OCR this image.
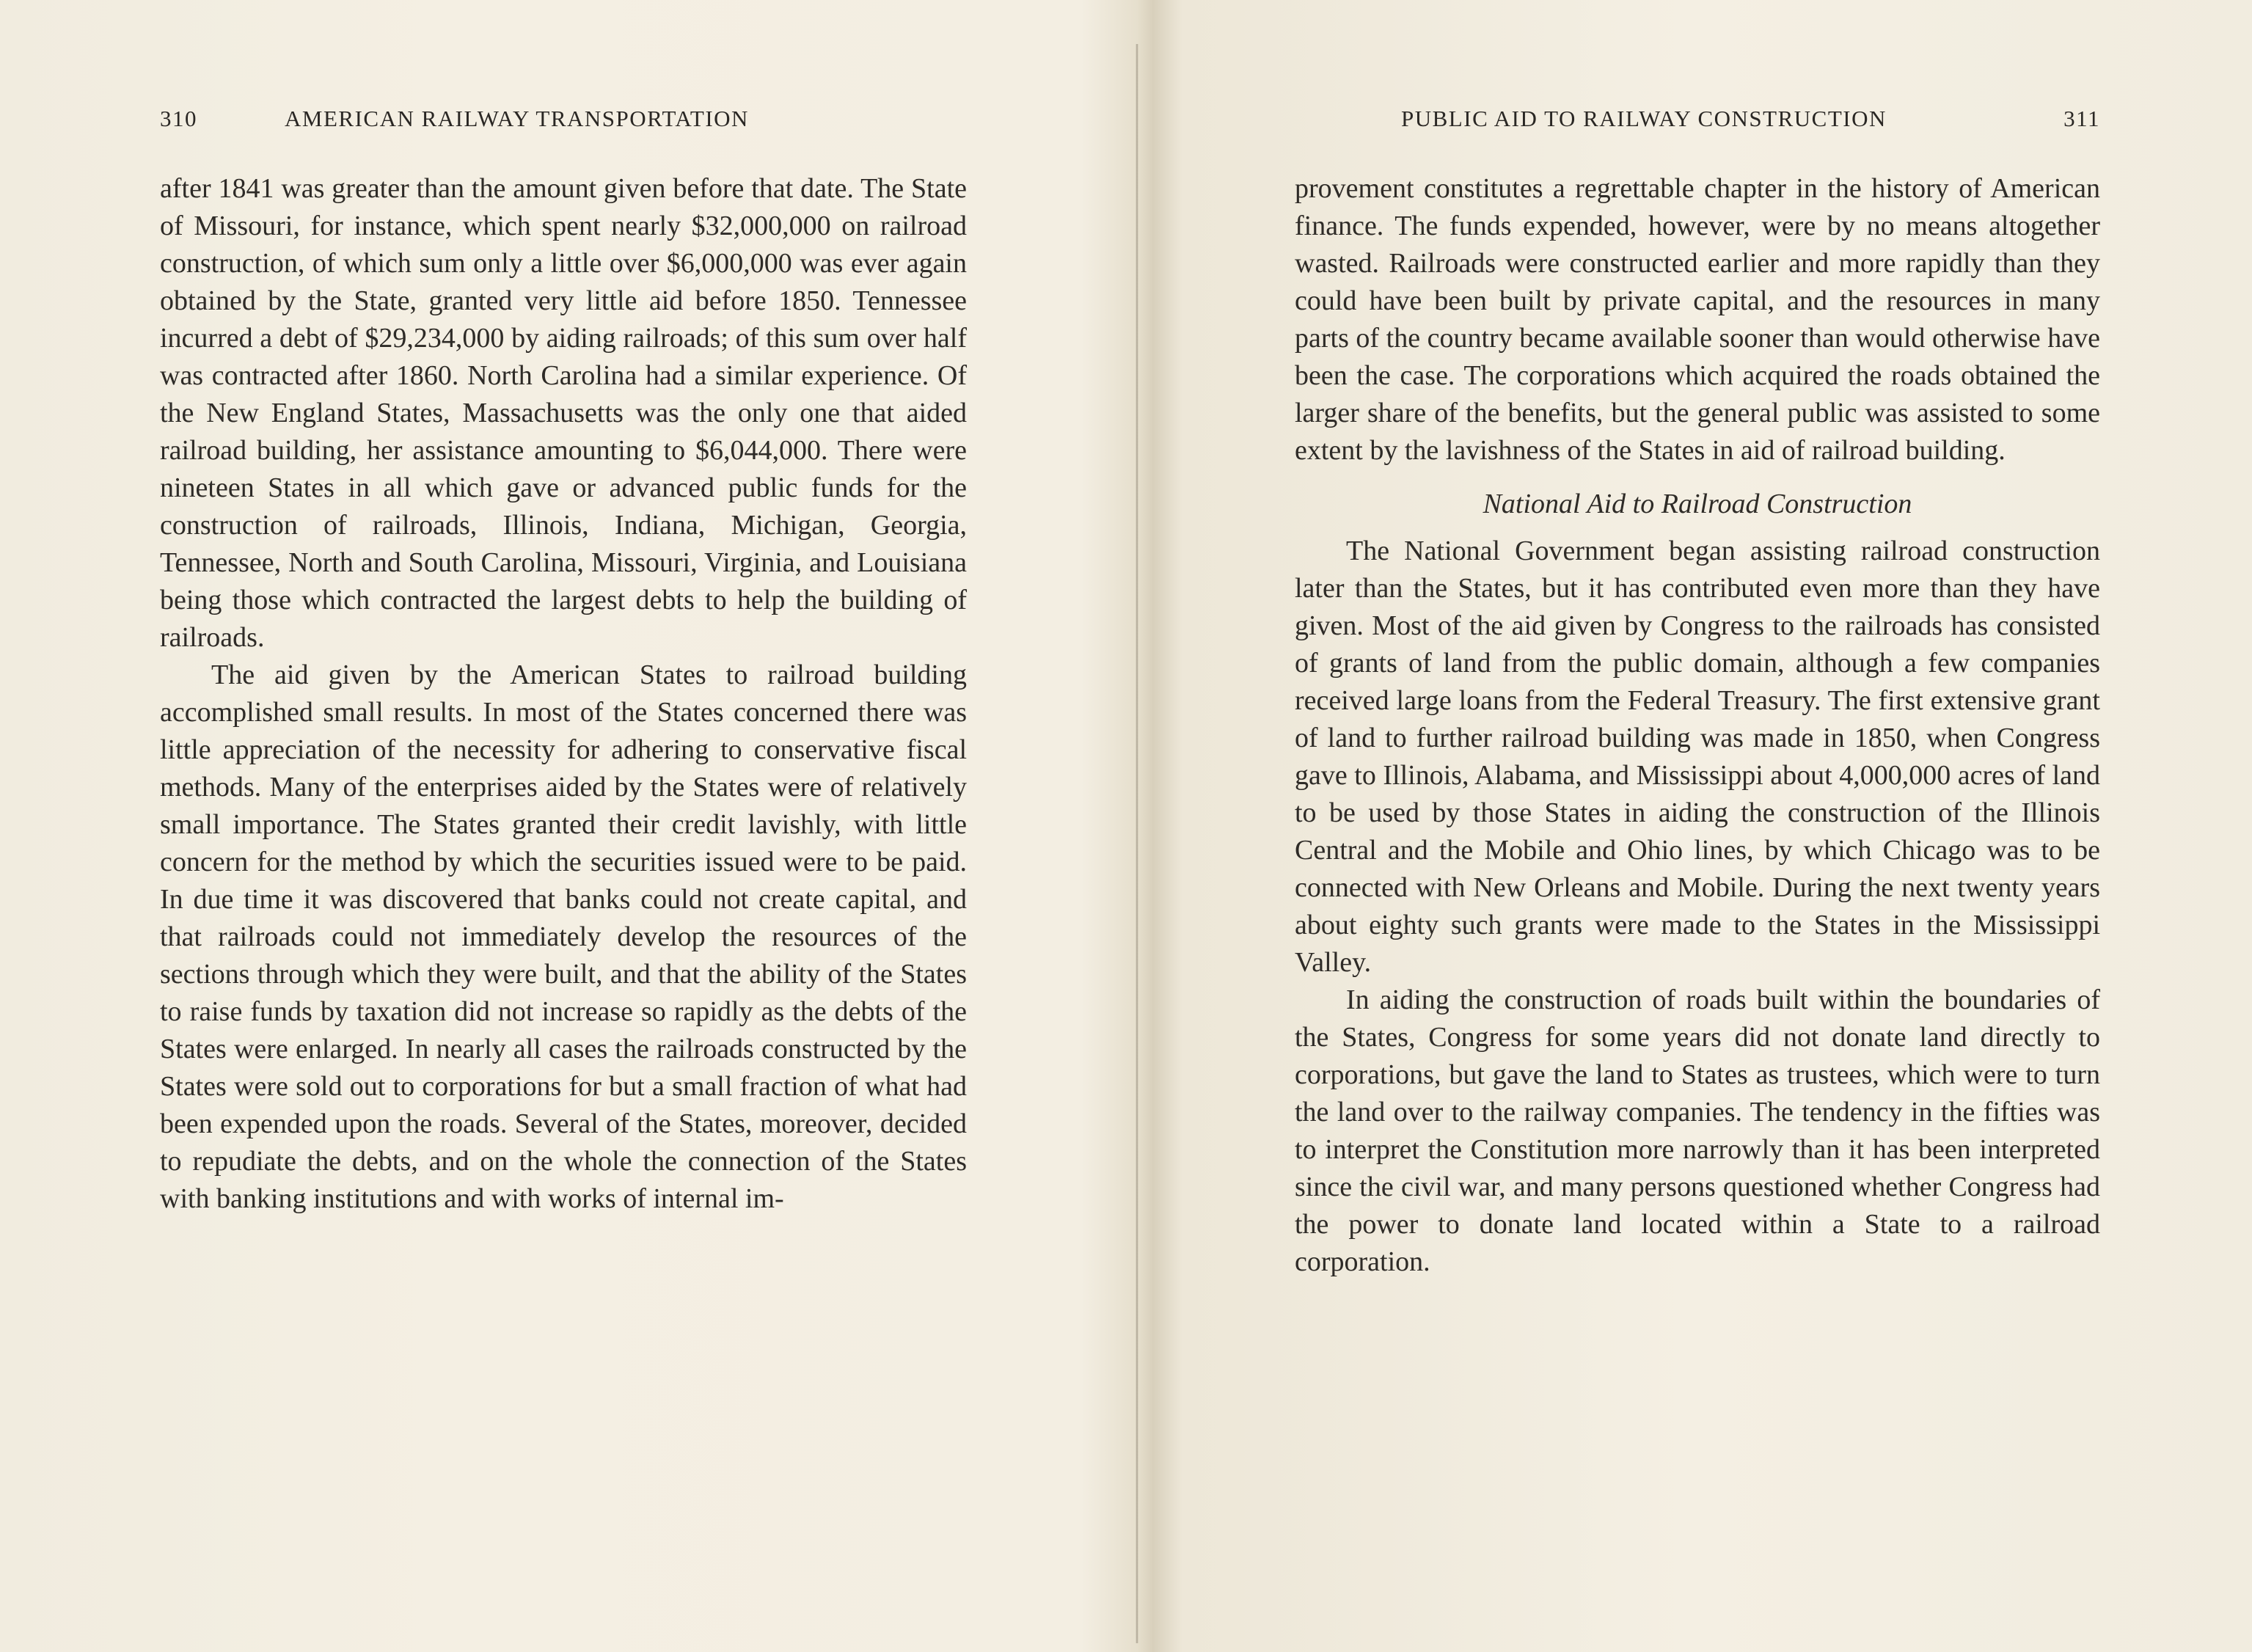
310	AMERICAN RAILWAY TRANSPORTATION

after 1841 was greater than the amount given before that date. The State of Missouri, for instance, which spent nearly $32,000,000 on railroad construction, of which sum only a little over $6,000,000 was ever again obtained by the State, granted very little aid before 1850. Tennessee incurred a debt of $29,234,000 by aiding railroads; of this sum over half was contracted after 1860. North Carolina had a similar experience. Of the New England States, Massachusetts was the only one that aided railroad building, her assistance amounting to $6,044,000. There were nineteen States in all which gave or advanced public funds for the construction of railroads, Illinois, Indiana, Michigan, Georgia, Tennessee, North and South Carolina, Missouri, Virginia, and Louisiana being those which contracted the largest debts to help the building of railroads.

The aid given by the American States to railroad building accomplished small results. In most of the States concerned there was little appreciation of the necessity for adhering to conservative fiscal methods. Many of the enterprises aided by the States were of relatively small importance. The States granted their credit lavishly, with little concern for the method by which the securities issued were to be paid. In due time it was discovered that banks could not create capital, and that railroads could not immediately develop the resources of the sections through which they were built, and that the ability of the States to raise funds by taxation did not increase so rapidly as the debts of the States were enlarged. In nearly all cases the railroads constructed by the States were sold out to corporations for but a small fraction of what had been expended upon the roads. Several of the States, moreover, decided to repudiate the debts, and on the whole the connection of the States with banking institutions and with works of internal im-

PUBLIC AID TO RAILWAY CONSTRUCTION	311

provement constitutes a regrettable chapter in the history of American finance. The funds expended, however, were by no means altogether wasted. Railroads were constructed earlier and more rapidly than they could have been built by private capital, and the resources in many parts of the country became available sooner than would otherwise have been the case. The corporations which acquired the roads obtained the larger share of the benefits, but the general public was assisted to some extent by the lavishness of the States in aid of railroad building.

National Aid to Railroad Construction

The National Government began assisting railroad construction later than the States, but it has contributed even more than they have given. Most of the aid given by Congress to the railroads has consisted of grants of land from the public domain, although a few companies received large loans from the Federal Treasury. The first extensive grant of land to further railroad building was made in 1850, when Congress gave to Illinois, Alabama, and Mississippi about 4,000,000 acres of land to be used by those States in aiding the construction of the Illinois Central and the Mobile and Ohio lines, by which Chicago was to be connected with New Orleans and Mobile. During the next twenty years about eighty such grants were made to the States in the Mississippi Valley.

In aiding the construction of roads built within the boundaries of the States, Congress for some years did not donate land directly to corporations, but gave the land to States as trustees, which were to turn the land over to the railway companies. The tendency in the fifties was to interpret the Constitution more narrowly than it has been interpreted since the civil war, and many persons questioned whether Congress had the power to donate land located within a State to a railroad corporation.
